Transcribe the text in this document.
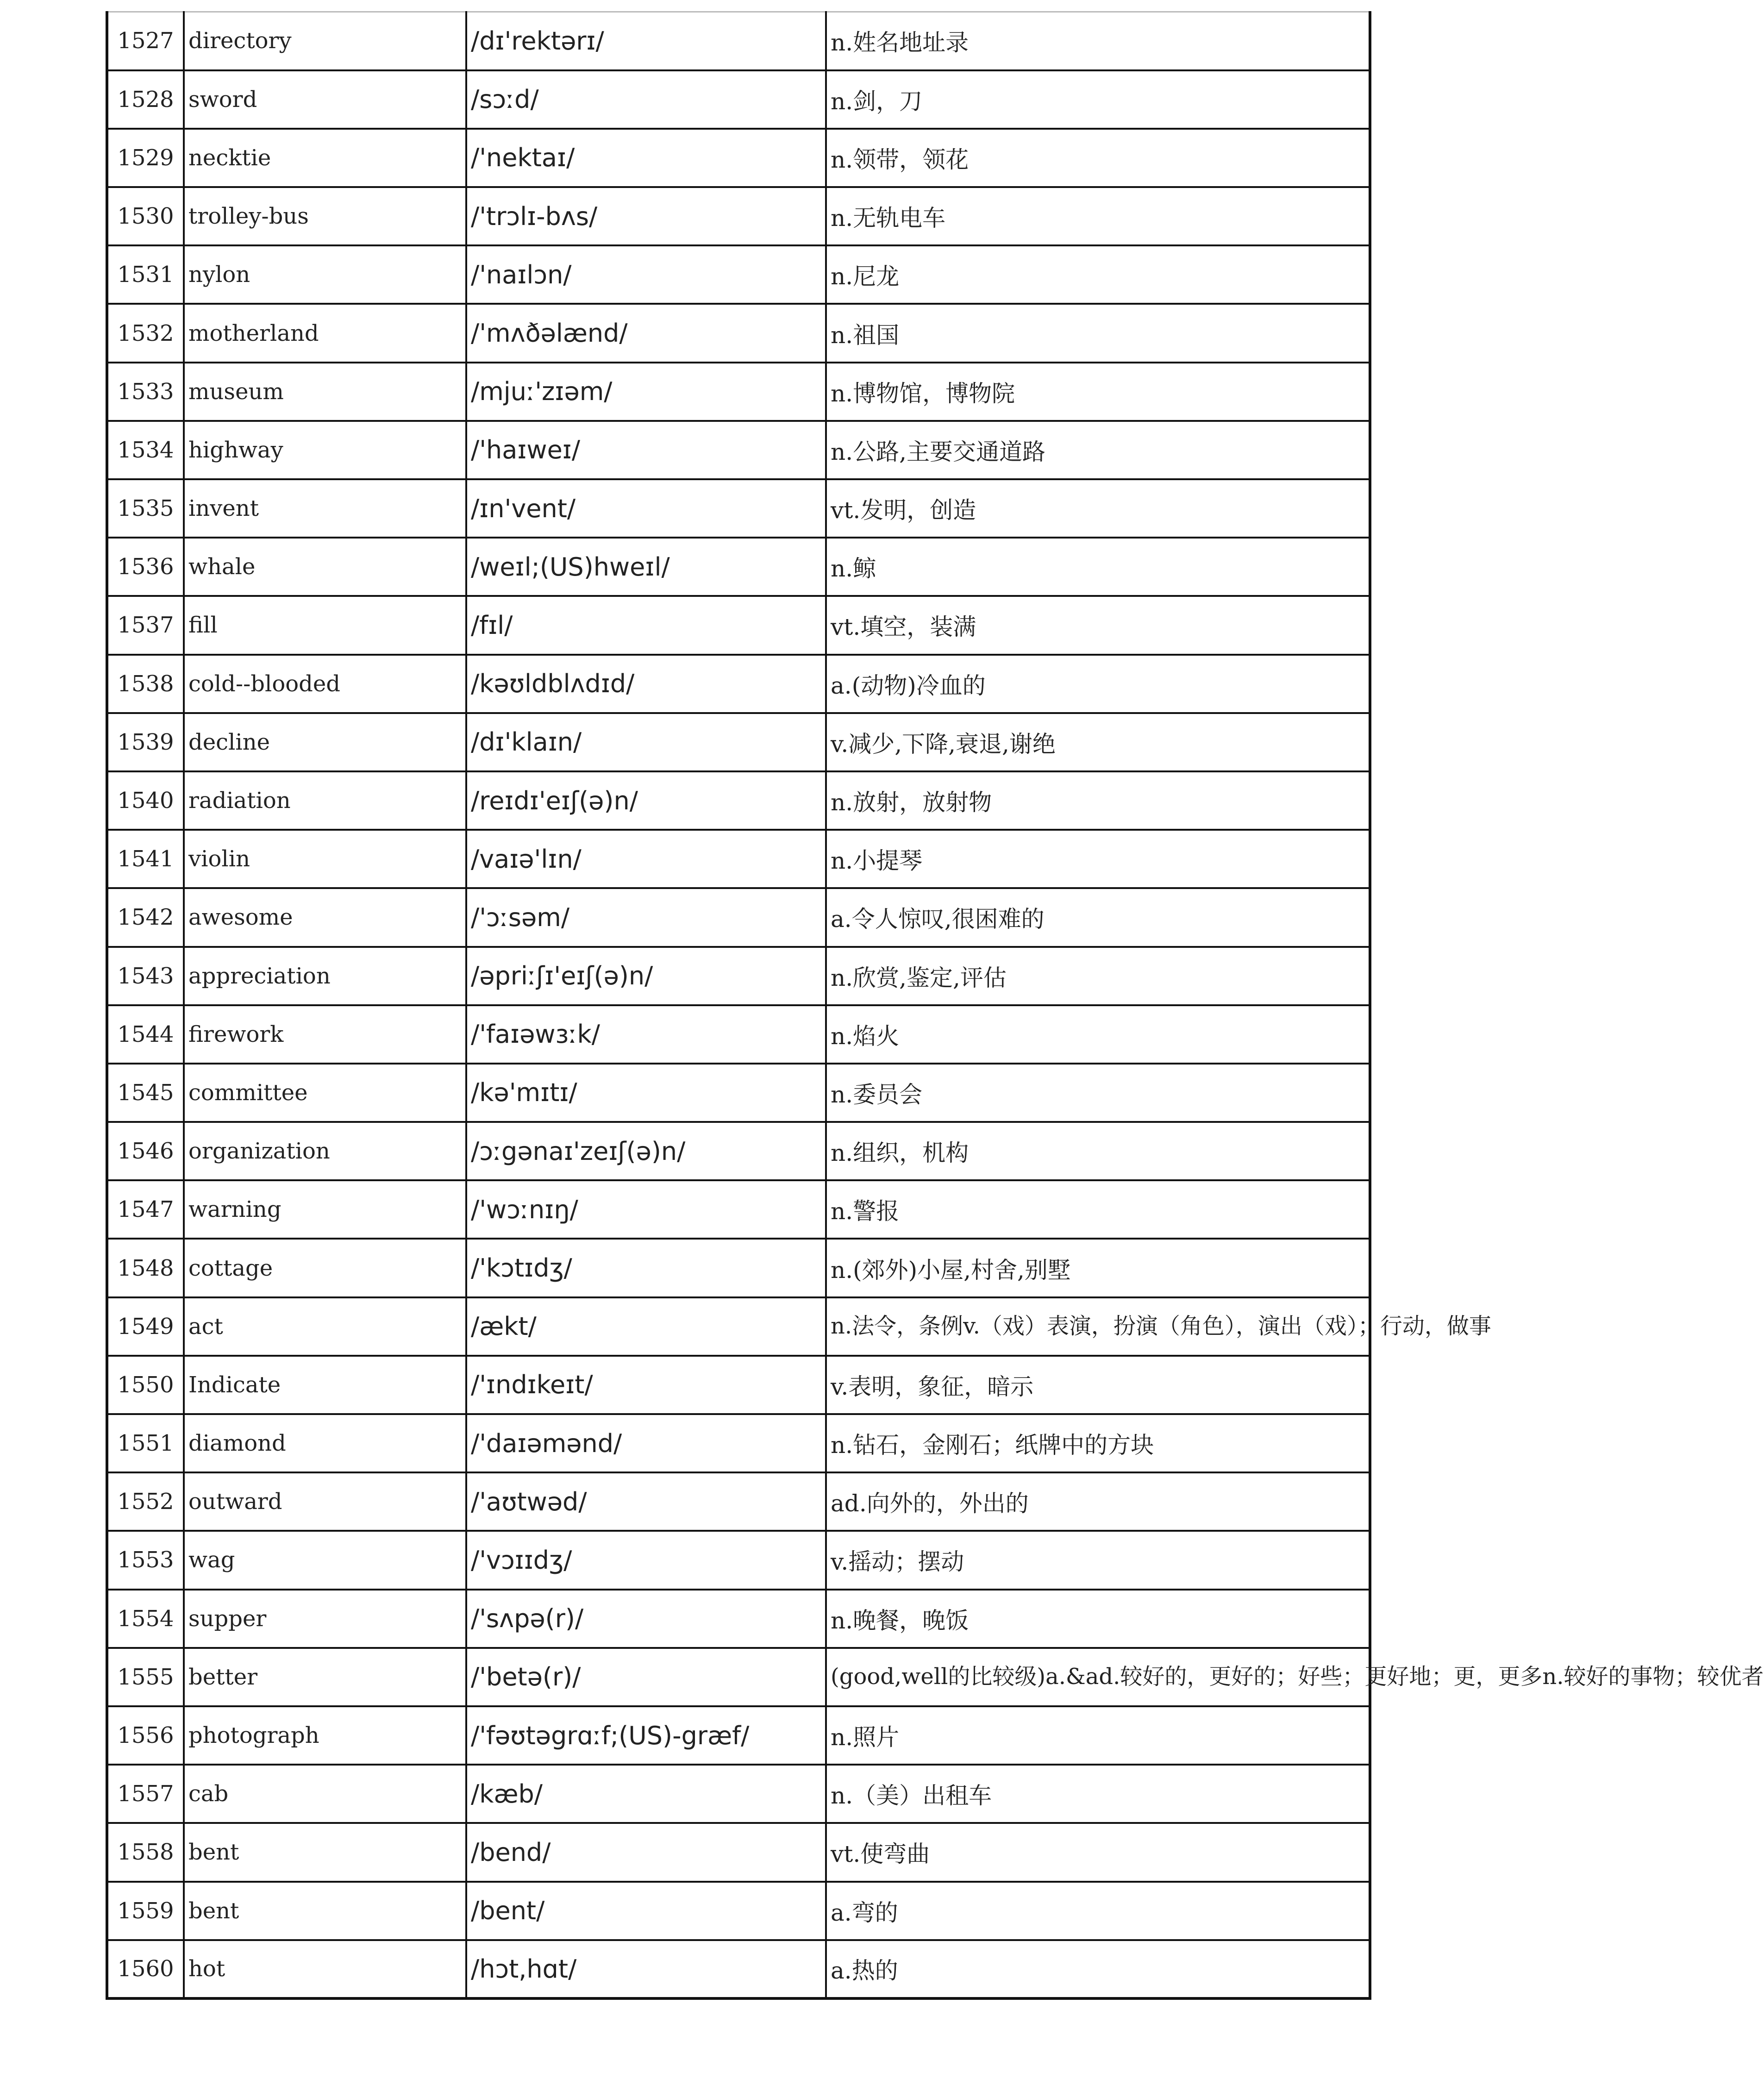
1527	directory	/dɪ'rektərɪ/	n.姓名地址录
1528	sword	/sɔːd/	n.剑，刀
1529	necktie	/'nektaɪ/	n.领带，领花
1530	trolley-bus	/'trɔlɪ-bʌs/	n.无轨电车
1531	nylon	/'naɪlɔn/	n.尼龙
1532	motherland	/'mʌðəlænd/	n.祖国
1533	museum	/mjuː'zɪəm/	n.博物馆，博物院
1534	highway	/'haɪweɪ/	n.公路,主要交通道路
1535	invent	/ɪn'vent/	vt.发明，创造
1536	whale	/weɪl;(US)hweɪl/	n.鲸
1537	fill	/fɪl/	vt.填空，装满
1538	cold--blooded	/kəʊldblʌdɪd/	a.(动物)冷血的
1539	decline	/dɪ'klaɪn/	v.减少,下降,衰退,谢绝
1540	radiation	/reɪdɪ'eɪʃ(ə)n/	n.放射，放射物
1541	violin	/vaɪə'lɪn/	n.小提琴
1542	awesome	/'ɔːsəm/	a.令人惊叹,很困难的
1543	appreciation	/əpriːʃɪ'eɪʃ(ə)n/	n.欣赏,鉴定,评估
1544	firework	/'faɪəwɜːk/	n.焰火
1545	committee	/kə'mɪtɪ/	n.委员会
1546	organization	/ɔːgənaɪ'zeɪʃ(ə)n/	n.组织，机构
1547	warning	/'wɔːnɪŋ/	n.警报
1548	cottage	/'kɔtɪdʒ/	n.(郊外)小屋,村舍,别墅
1549	act	/ækt/	n.法令，条例v.（戏）表演，扮演（角色），演出（戏）；行动，做事
1550	Indicate	/'ɪndɪkeɪt/	v.表明，象征，暗示
1551	diamond	/'daɪəmənd/	n.钻石，金刚石；纸牌中的方块
1552	outward	/'aʊtwəd/	ad.向外的，外出的
1553	wag	/'vɔɪɪdʒ/	v.摇动；摆动
1554	supper	/'sʌpə(r)/	n.晚餐，晚饭
1555	better	/'betə(r)/	(good,well的比较级)a.&ad.较好的，更好的；好些；更好地；更，更多n.较好的事物；较优者
1556	photograph	/'fəʊtəgrɑːf;(US)-græf/	n.照片
1557	cab	/kæb/	n.（美）出租车
1558	bent	/bend/	vt.使弯曲
1559	bent	/bent/	a.弯的
1560	hot	/hɔt,hɑt/	a.热的
